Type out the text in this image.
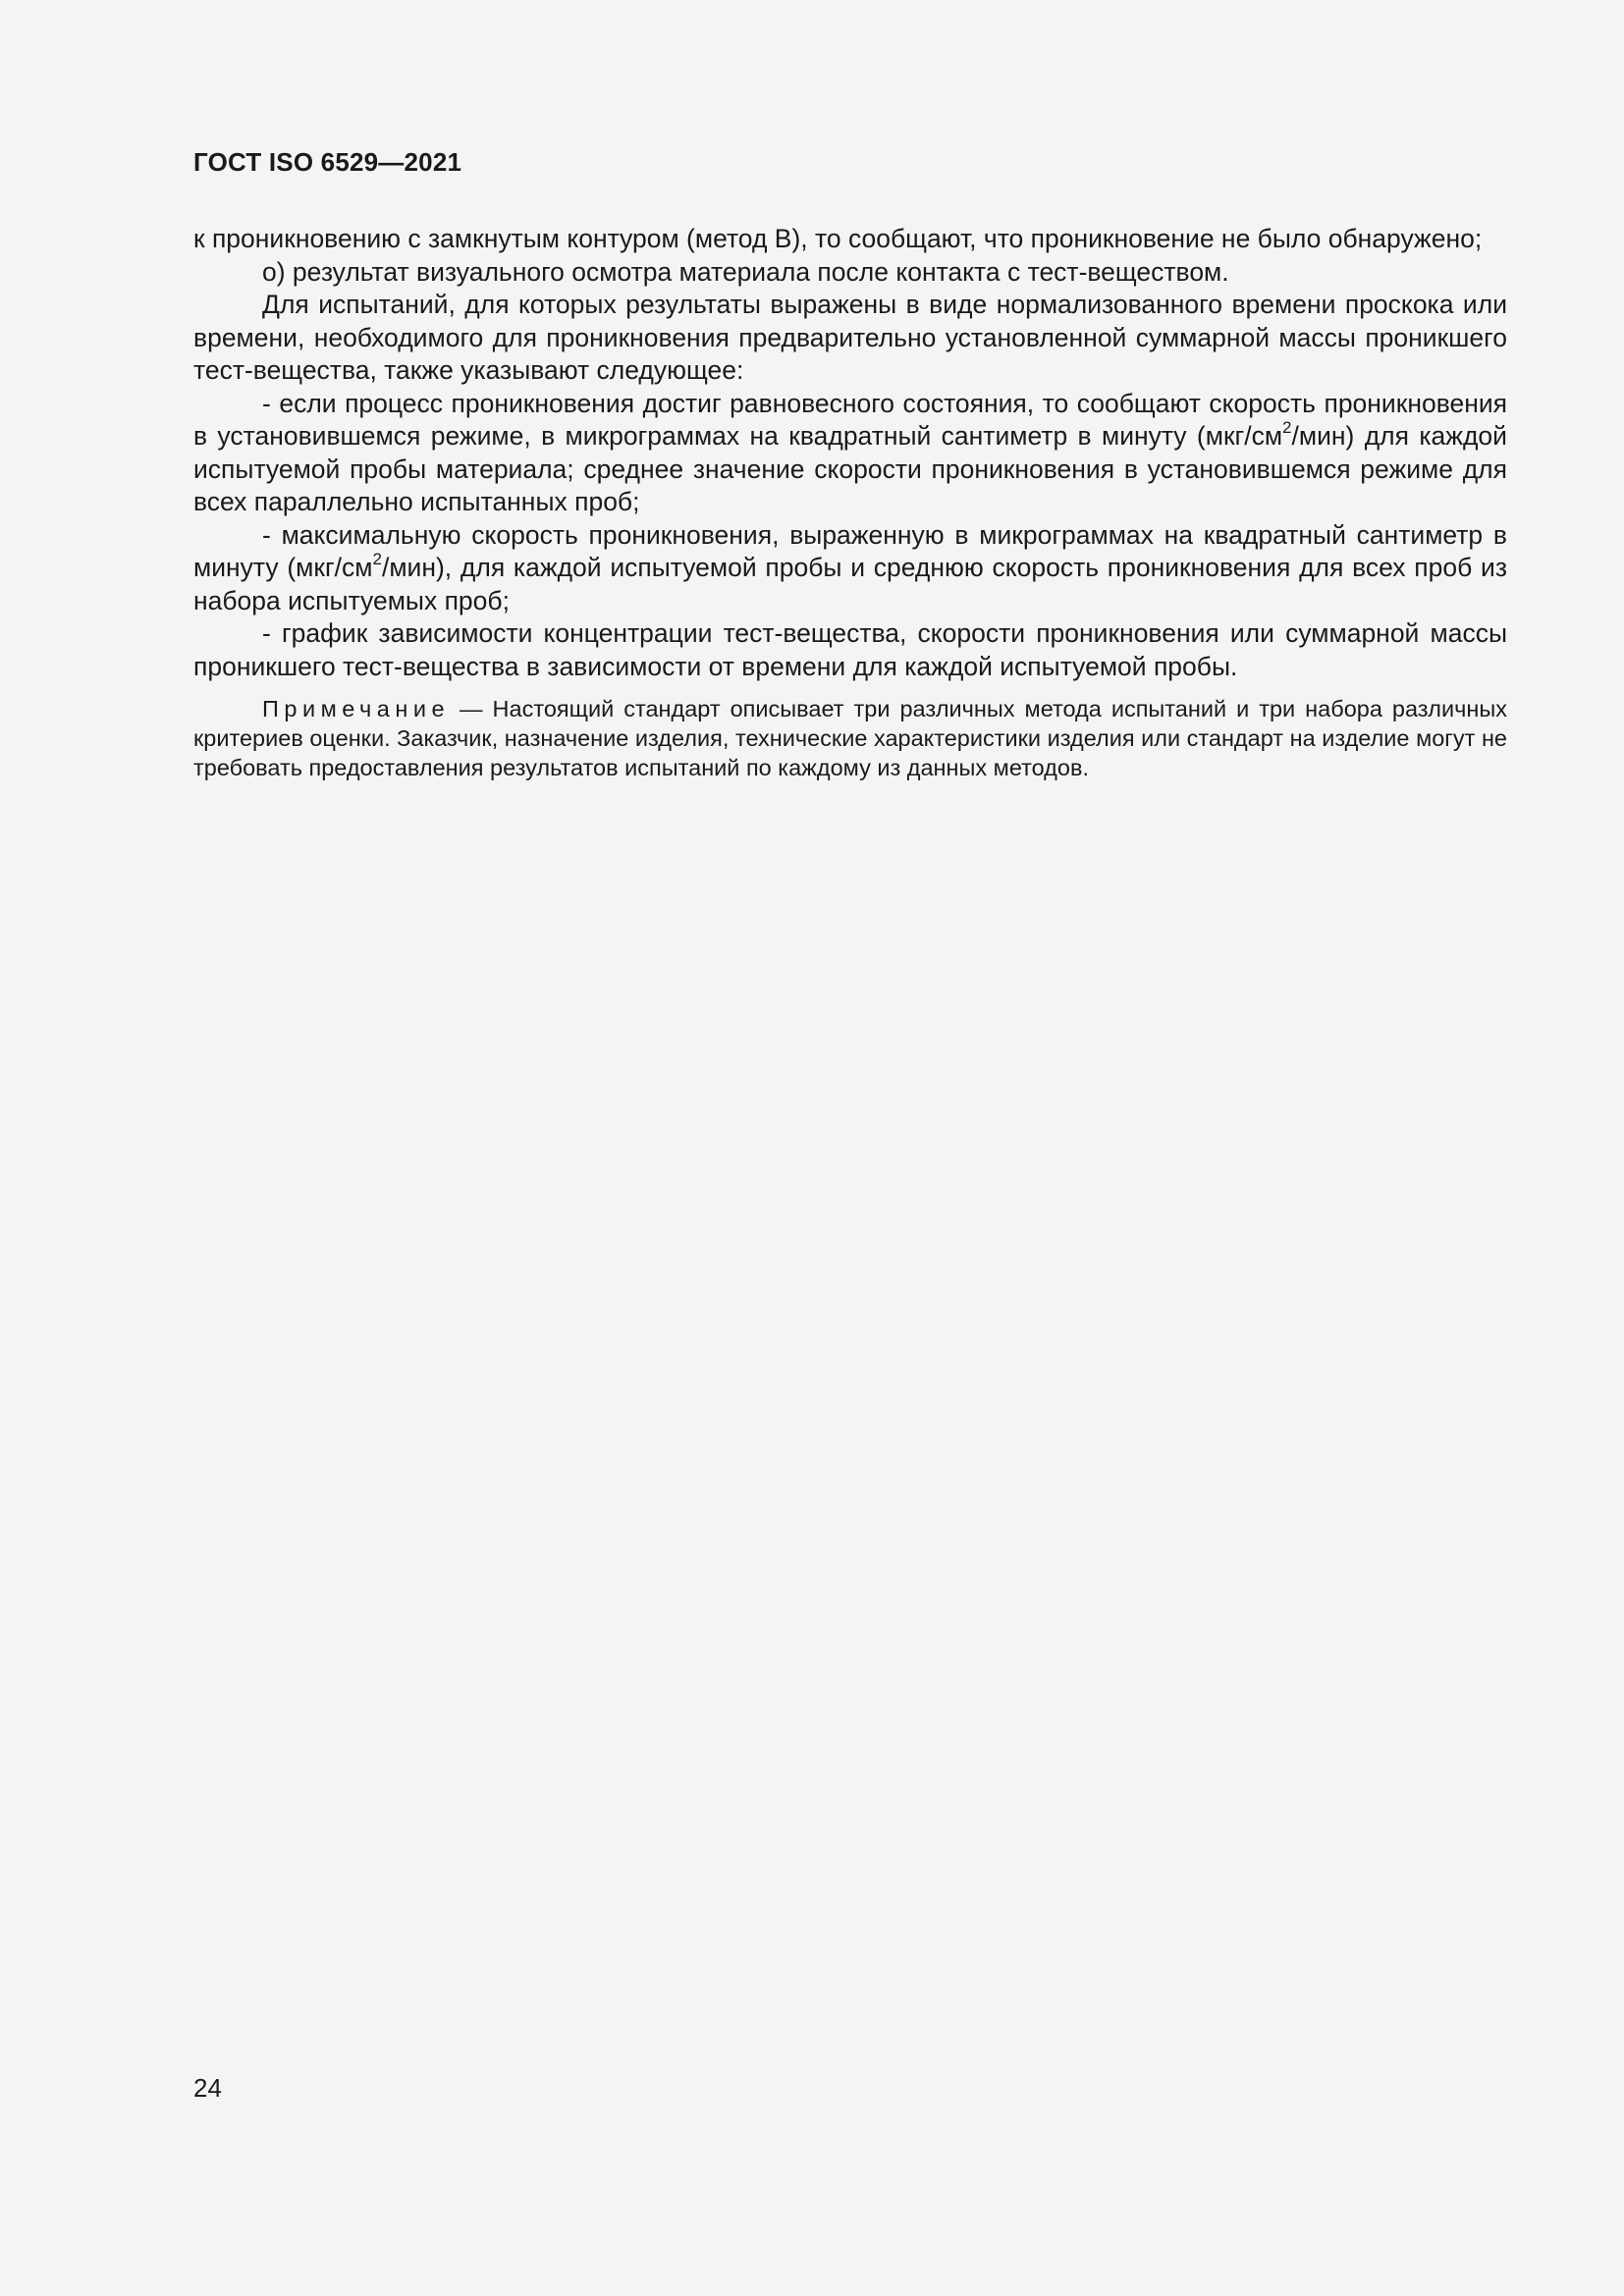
ГОСТ ISO 6529—2021

к проникновению с замкнутым контуром (метод В), то сообщают, что проникновение не было обнаружено;

о) результат визуального осмотра материала после контакта с тест-веществом.

Для испытаний, для которых результаты выражены в виде нормализованного времени проскока или времени, необходимого для проникновения предварительно установленной суммарной массы проникшего тест-вещества, также указывают следующее:

- если процесс проникновения достиг равновесного состояния, то сообщают скорость проникновения в установившемся режиме, в микрограммах на квадратный сантиметр в минуту $(мкг/см^2/мин)$ для каждой испытуемой пробы материала; среднее значение скорости проникновения в установившемся режиме для всех параллельно испытанных проб;

- максимальную скорость проникновения, выраженную в микрограммах на квадратный сантиметр в минуту $(мкг/см^2/мин)$, для каждой испытуемой пробы и среднюю скорость проникновения для всех проб из набора испытуемых проб;

- график зависимости концентрации тест-вещества, скорости проникновения или суммарной массы проникшего тест-вещества в зависимости от времени для каждой испытуемой пробы.

Примечание — Настоящий стандарт описывает три различных метода испытаний и три набора различных критериев оценки. Заказчик, назначение изделия, технические характеристики изделия или стандарт на изделие могут не требовать предоставления результатов испытаний по каждому из данных методов.

24
